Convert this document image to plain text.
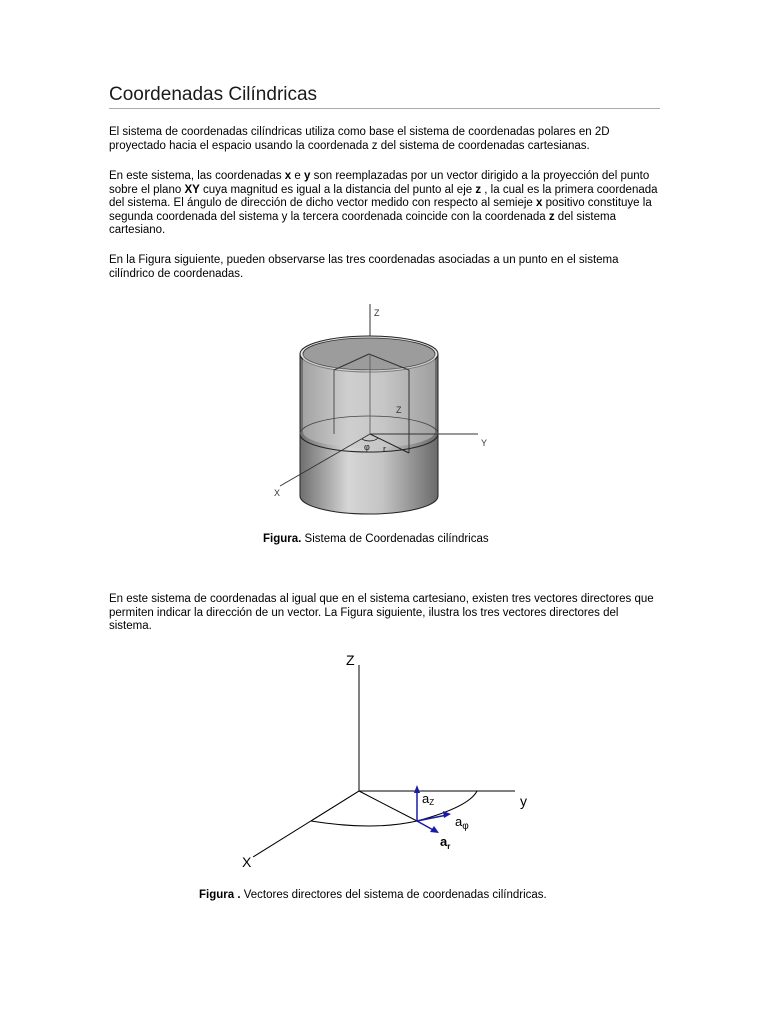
Coordenadas Cilíndricas

El sistema de coordenadas cilíndricas utiliza como base el sistema de coordenadas polares en 2D proyectado hacia el espacio usando la coordenada z del sistema de coordenadas cartesianas.

En este sistema, las coordenadas x e y son reemplazadas por un vector dirigido a la proyección del punto sobre el plano XY cuya magnitud es igual a la distancia del punto al eje z , la cual es la primera coordenada del sistema. El ángulo de dirección de dicho vector medido con respecto al semieje x positivo constituye la segunda coordenada del sistema y la tercera coordenada coincide con la coordenada z del sistema cartesiano.

En la Figura siguiente, pueden observarse las tres coordenadas asociadas a un punto en el sistema cilíndrico de coordenadas.

Z
Y
X
Z
φ r

Figura. Sistema de Coordenadas cilíndricas

En este sistema de coordenadas al igual que en el sistema cartesiano, existen tres vectores directores que permiten indicar la dirección de un vector. La Figura siguiente, ilustra los tres vectores directores del sistema.

Z
y
X
aZ
$a_\varphi$
$a_r$

Figura . Vectores directores del sistema de coordenadas cilíndricas.
